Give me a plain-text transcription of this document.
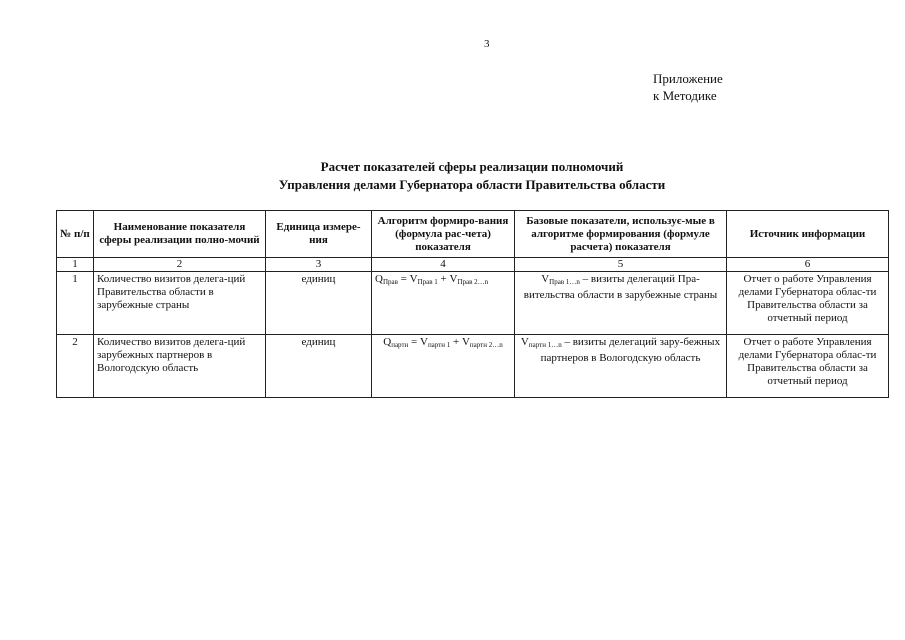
3
Приложение
к Методике
Расчет показателей сферы реализации полномочий
Управления делами Губернатора области Правительства области
№ п/п	Наименование показателя сферы реализации полно-мочий	Единица измере-ния	Алгоритм формиро-вания (формула рас-чета) показателя	Базовые показатели, использує-мые в алгоритме формирования (формуле расчета) показателя	Источник информации
1	2	3	4	5	6
1	Количество визитов делега-ций Правительства области в зарубежные страны	единиц	$Q_{Прав} = V_{Прав 1} + V_{Прав 2\dots n}$	$V_{Прав 1\dots n}$ – визиты делегаций Пра-вительства области в зарубежные страны	Отчет о работе Управления делами Губернатора облас-ти Правительства области за отчетный период
2	Количество визитов делега-ций зарубежных партнеров в Вологодскую область	единиц	$Q_{партн} = V_{партн 1} + V_{партн 2\dots n}$	$V_{партн 1\dots n}$ – визиты делегаций зару-бежных партнеров в Вологодскую область	Отчет о работе Управления делами Губернатора облас-ти Правительства области за отчетный период
